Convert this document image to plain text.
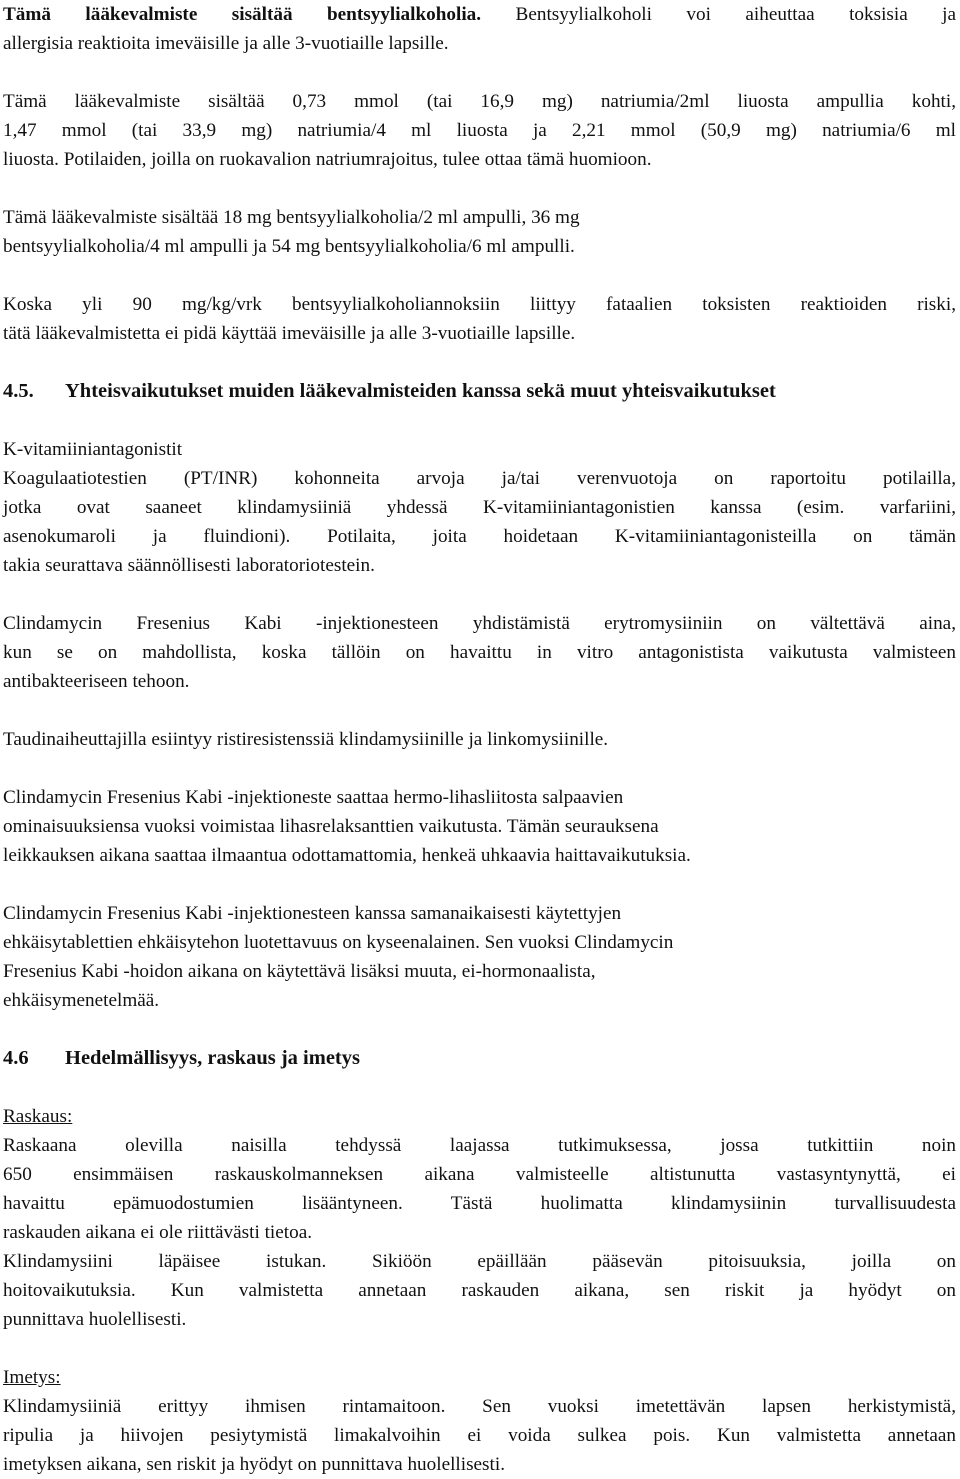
Tämä lääkevalmiste sisältää bentsyylialkoholia. Bentsyylialkoholi voi aiheuttaa toksisia ja

allergisia reaktioita imeväisille ja alle 3-vuotiaille lapsille.

Tämä lääkevalmiste sisältää 0,73 mmol (tai 16,9 mg) natriumia/2ml liuosta ampullia kohti,

1,47 mmol (tai 33,9 mg) natriumia/4 ml liuosta ja 2,21 mmol (50,9 mg) natriumia/6 ml

liuosta. Potilaiden, joilla on ruokavalion natriumrajoitus, tulee ottaa tämä huomioon.

Tämä lääkevalmiste sisältää 18 mg bentsyylialkoholia/2 ml ampulli, 36 mg

bentsyylialkoholia/4 ml ampulli ja 54 mg bentsyylialkoholia/6 ml ampulli.

Koska yli 90 mg/kg/vrk bentsyylialkoholiannoksiin liittyy fataalien toksisten reaktioiden riski,

tätä lääkevalmistetta ei pidä käyttää imeväisille ja alle 3-vuotiaille lapsille.

4.5. Yhteisvaikutukset muiden lääkevalmisteiden kanssa sekä muut yhteisvaikutukset

K-vitamiiniantagonistit

Koagulaatiotestien (PT/INR) kohonneita arvoja ja/tai verenvuotoja on raportoitu potilailla,

jotka ovat saaneet klindamysiiniä yhdessä K-vitamiiniantagonistien kanssa (esim. varfariini,

asenokumaroli ja fluindioni). Potilaita, joita hoidetaan K-vitamiiniantagonisteilla on tämän

takia seurattava säännöllisesti laboratoriotestein.

Clindamycin Fresenius Kabi -injektionesteen yhdistämistä erytromysiiniin on vältettävä aina,

kun se on mahdollista, koska tällöin on havaittu in vitro antagonistista vaikutusta valmisteen

antibakteeriseen tehoon.

Taudinaiheuttajilla esiintyy ristiresistenssiä klindamysiinille ja linkomysiinille.

Clindamycin Fresenius Kabi -injektioneste saattaa hermo-lihasliitosta salpaavien

ominaisuuksiensa vuoksi voimistaa lihasrelaksanttien vaikutusta. Tämän seurauksena

leikkauksen aikana saattaa ilmaantua odottamattomia, henkeä uhkaavia haittavaikutuksia.

Clindamycin Fresenius Kabi -injektionesteen kanssa samanaikaisesti käytettyjen

ehkäisytablettien ehkäisytehon luotettavuus on kyseenalainen. Sen vuoksi Clindamycin

Fresenius Kabi -hoidon aikana on käytettävä lisäksi muuta, ei-hormonaalista,

ehkäisymenetelmää.

4.6 Hedelmällisyys, raskaus ja imetys

Raskaus:

Raskaana olevilla naisilla tehdyssä laajassa tutkimuksessa, jossa tutkittiin noin

650 ensimmäisen raskauskolmanneksen aikana valmisteelle altistunutta vastasyntynyttä, ei

havaittu epämuodostumien lisääntyneen. Tästä huolimatta klindamysiinin turvallisuudesta

raskauden aikana ei ole riittävästi tietoa.

Klindamysiini läpäisee istukan. Sikiöön epäillään pääsevän pitoisuuksia, joilla on

hoitovaikutuksia. Kun valmistetta annetaan raskauden aikana, sen riskit ja hyödyt on

punnittava huolellisesti.

Imetys:

Klindamysiiniä erittyy ihmisen rintamaitoon. Sen vuoksi imetettävän lapsen herkistymistä,

ripulia ja hiivojen pesiytymistä limakalvoihin ei voida sulkea pois. Kun valmistetta annetaan

imetyksen aikana, sen riskit ja hyödyt on punnittava huolellisesti.
